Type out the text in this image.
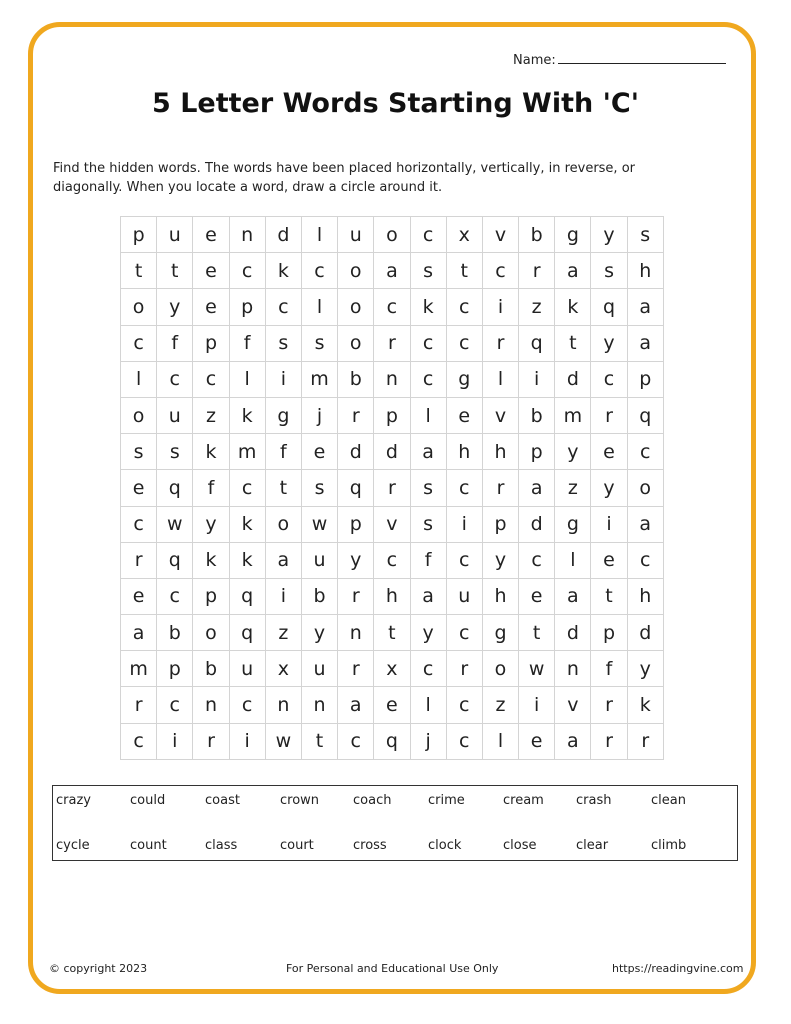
Name:
5 Letter Words Starting With 'C'
Find the hidden words. The words have been placed horizontally, vertically, in reverse, or diagonally. When you locate a word, draw a circle around it.
p	u	e	n	d	l	u	o	c	x	v	b	g	y	s
t	t	e	c	k	c	o	a	s	t	c	r	a	s	h
o	y	e	p	c	l	o	c	k	c	i	z	k	q	a
c	f	p	f	s	s	o	r	c	c	r	q	t	y	a
l	c	c	l	i	m	b	n	c	g	l	i	d	c	p
o	u	z	k	g	j	r	p	l	e	v	b	m	r	q
s	s	k	m	f	e	d	d	a	h	h	p	y	e	c
e	q	f	c	t	s	q	r	s	c	r	a	z	y	o
c	w	y	k	o	w	p	v	s	i	p	d	g	i	a
r	q	k	k	a	u	y	c	f	c	y	c	l	e	c
e	c	p	q	i	b	r	h	a	u	h	e	a	t	h
a	b	o	q	z	y	n	t	y	c	g	t	d	p	d
m	p	b	u	x	u	r	x	c	r	o	w	n	f	y
r	c	n	c	n	n	a	e	l	c	z	i	v	r	k
c	i	r	i	w	t	c	q	j	c	l	e	a	r	r
crazy	could	coast	crown	coach	crime	cream crash	clean
cycle	count	class	court	cross	clock	close	clear	climb
© copyright 2023	For Personal and Educational Use Only	https://readingvine.com
